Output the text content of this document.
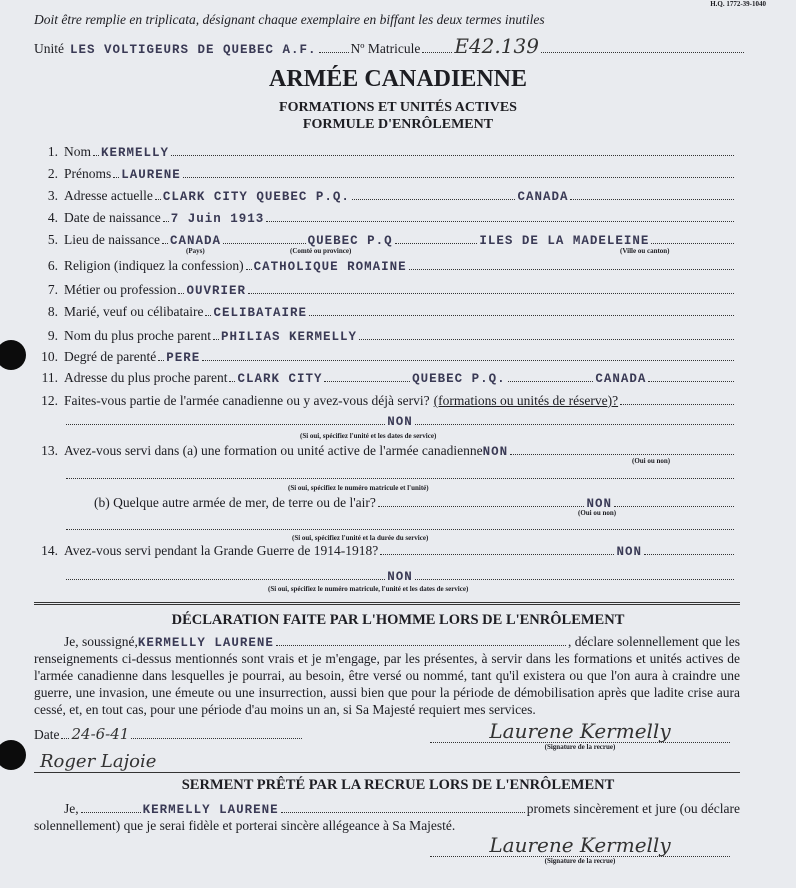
H.Q. 1772-39-1040
Doit être remplie en triplicata, désignant chaque exemplaire en biffant les deux termes inutiles
Unité LES VOLTIGEURS DE QUEBEC A.F.	Nº Matricule E42.139
ARMÉE CANADIENNE
FORMATIONS ET UNITÉS ACTIVES
FORMULE D'ENRÔLEMENT
1. Nom KERMELLY
2. Prénoms LAURENE
3. Adresse actuelle CLARK CITY QUEBEC P.Q.	CANADA
4. Date de naissance 7 Juin 1913
5. Lieu de naissance CANADA	QUEBEC P.Q	ILES DE LA MADELEINE
(Pays)	(Comté ou province)	(Ville ou canton)
6. Religion (indiquez la confession) CATHOLIQUE ROMAINE
7. Métier ou profession OUVRIER
8. Marié, veuf ou célibataire CELIBATAIRE
9. Nom du plus proche parent PHILIAS KERMELLY
10. Degré de parenté PERE
11. Adresse du plus proche parent CLARK CITY	QUEBEC P.Q.	CANADA
12. Faites-vous partie de l'armée canadienne ou y avez-vous déjà servi? (formations ou unités de réserve)?
NON
(Si oui, spécifiez l'unité et les dates de service)
13. Avez-vous servi dans (a) une formation ou unité active de l'armée canadienne NON
(Oui ou non)
(Si oui, spécifiez le numéro matricule et l'unité)
(b) Quelque autre armée de mer, de terre ou de l'air?	NON
(Oui ou non)
(Si oui, spécifiez l'unité et la durée du service)
14. Avez-vous servi pendant la Grande Guerre de 1914-1918?	NON
NON
(Si oui, spécifiez le numéro matricule, l'unité et les dates de service)
DÉCLARATION FAITE PAR L'HOMME LORS DE L'ENRÔLEMENT
Je, soussigné, KERMELLY LAURENE	, déclare solennellement que les
renseignements ci-dessus mentionnés sont vrais et je m'engage, par les présentes, à servir dans les formations et unités actives de l'armée canadienne dans lesquelles je pourrai, au besoin, être versé ou nommé, tant qu'il existera ou que l'on aura à craindre une guerre, une invasion, une émeute ou une insurrection, aussi bien que pour la période de démobilisation après que ladite crise aura cessé, et, en tout cas, pour une période d'au moins un an, si Sa Majesté requiert mes services.
Date 24-6-41	Laurene Kermelly
(Signature de la recrue)
Roger Lajoie
SERMENT PRÊTÉ PAR LA RECRUE LORS DE L'ENRÔLEMENT
Je,	KERMELLY LAURENE	promets sincèrement et jure (ou déclare
solennellement) que je serai fidèle et porterai sincère allégeance à Sa Majesté.
Laurene Kermelly
(Signature de la recrue)
